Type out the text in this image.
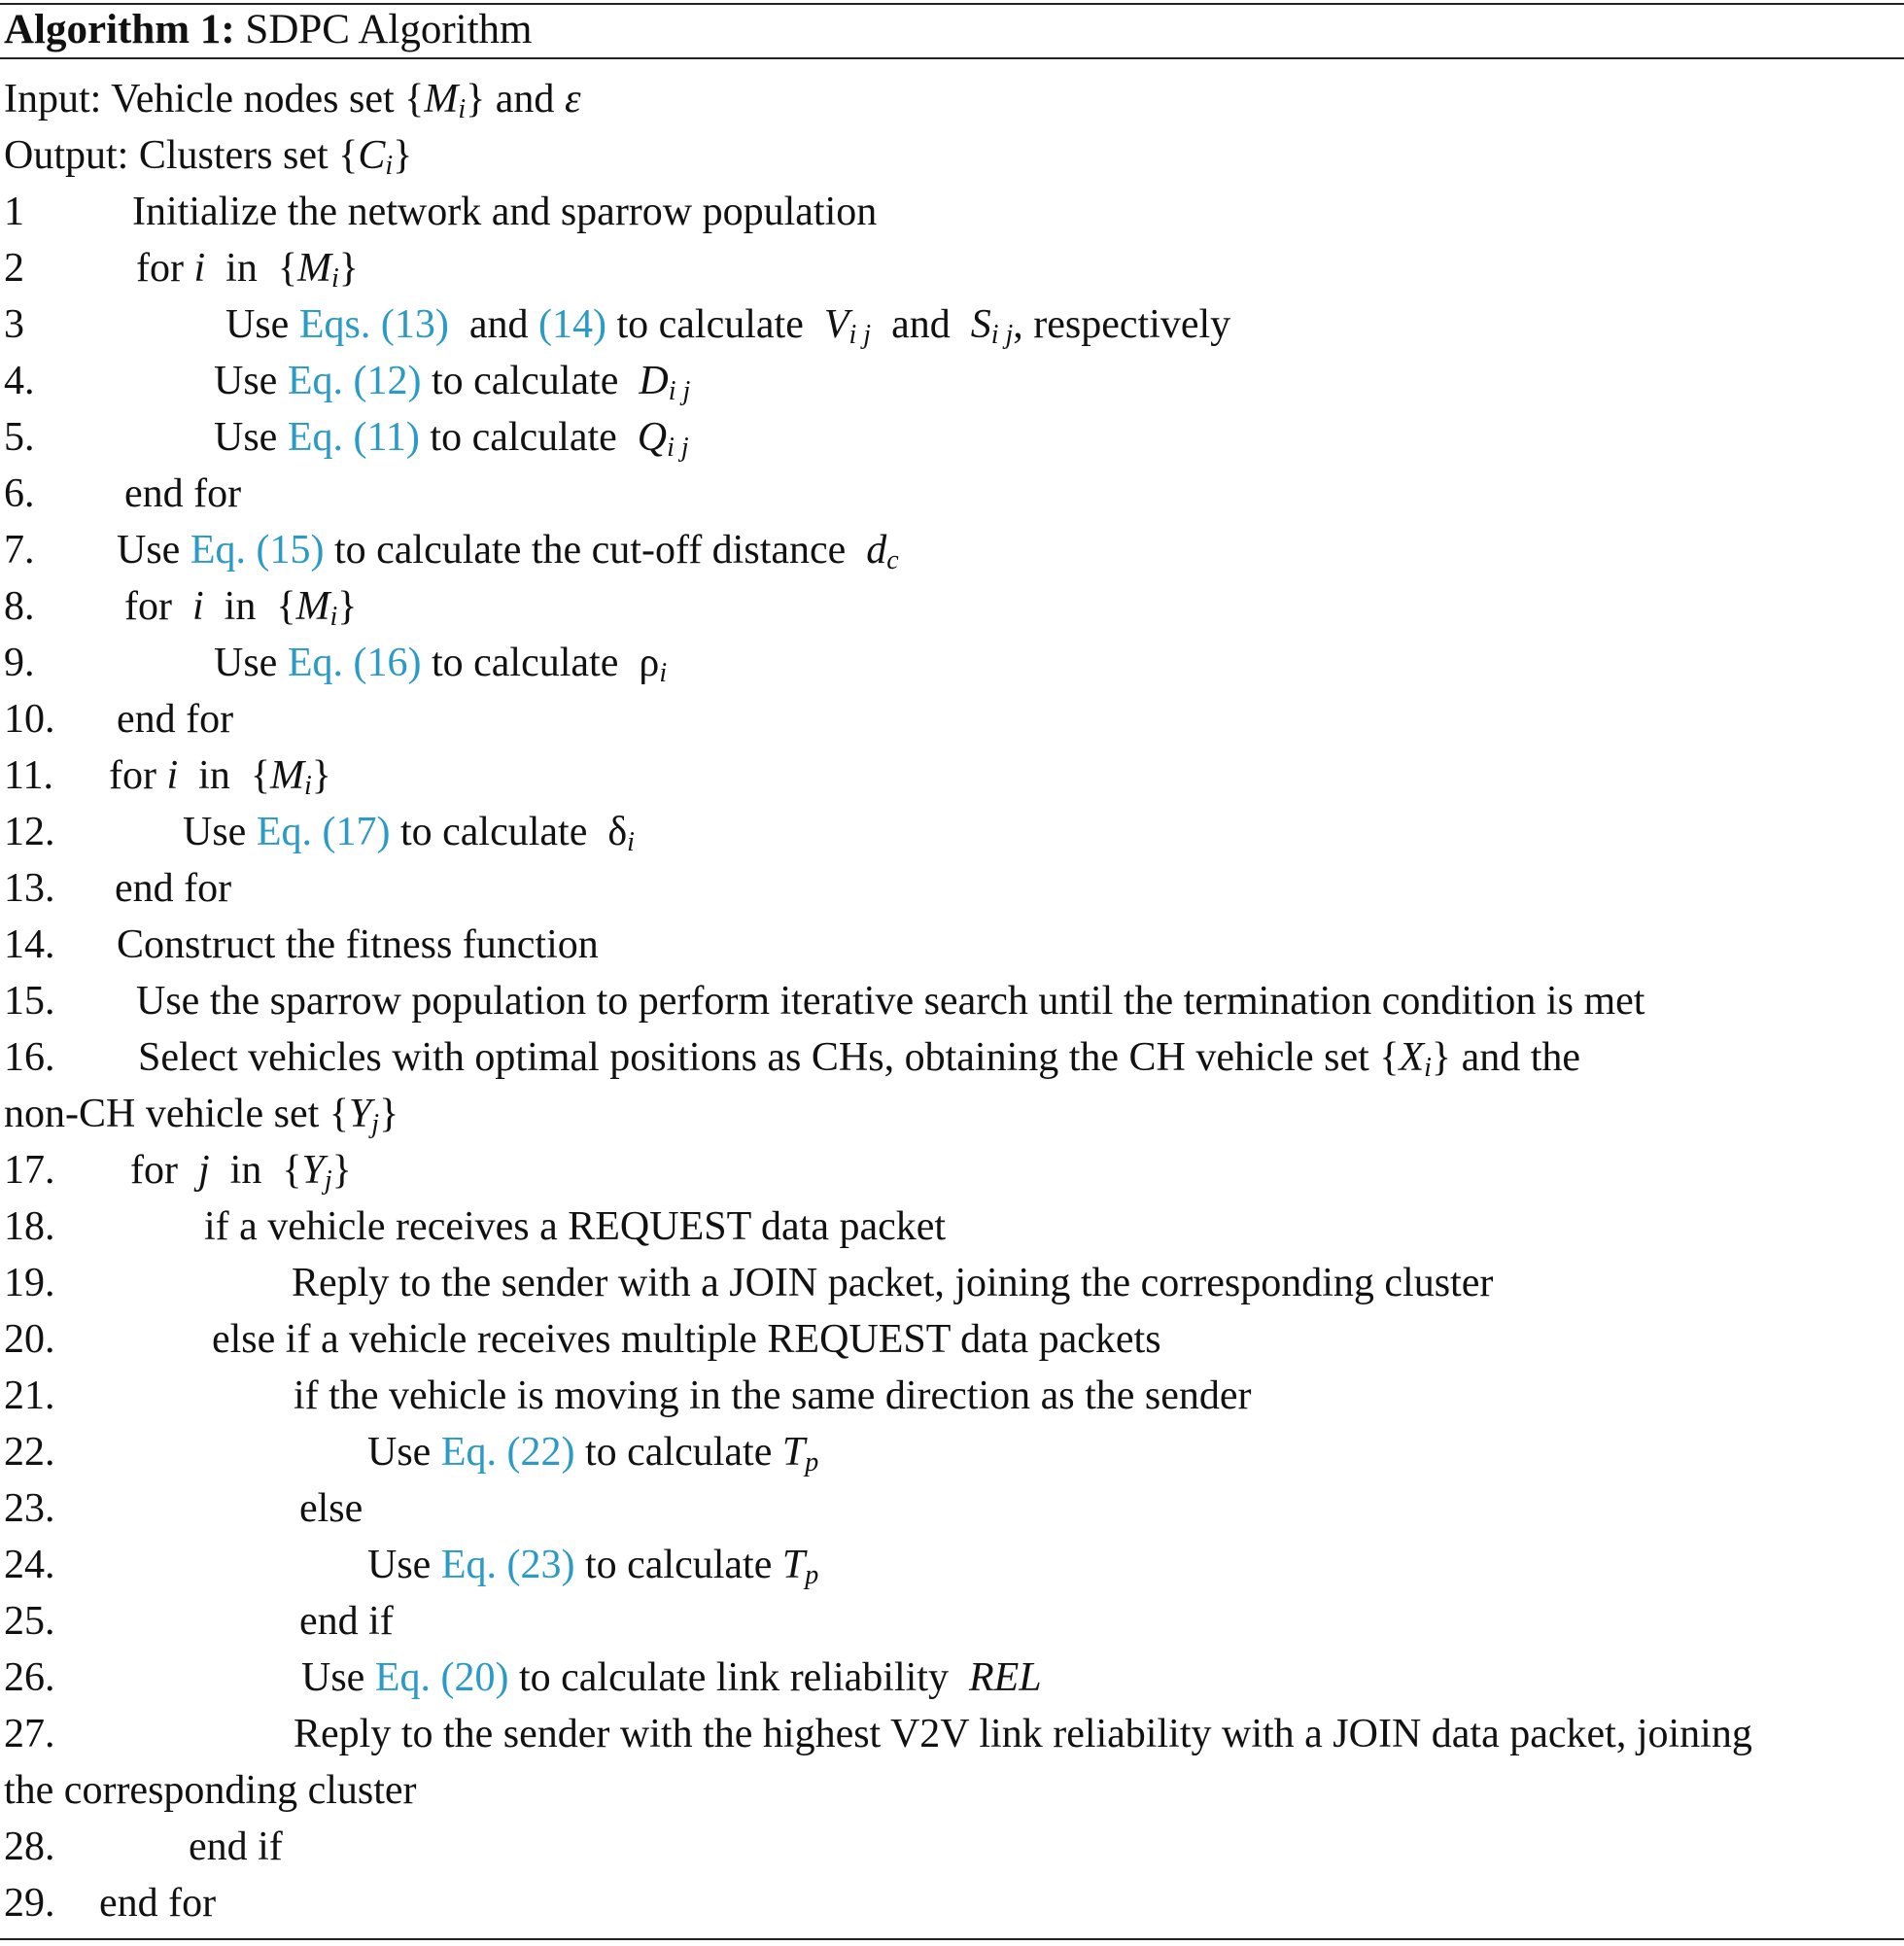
Algorithm 1: SDPC Algorithm
Input: Vehicle nodes set $\{M_i\}$ and ε
Output: Clusters set $\{C_i\}$
1	Initialize the network and sparrow population
2	for i in $\{M_i\}$
3	Use Eqs. (13) and (14) to calculate $V_{i j}$ and $S_{i j}$, respectively
4.	Use Eq. (12) to calculate $D_{i j}$
5.	Use Eq. (11) to calculate $Q_{i j}$
6. end for
7. Use Eq. (15) to calculate the cut-off distance $d_c$
8. for i in $\{M_i\}$
9.	Use Eq. (16) to calculate $\rho_i$
10. end for
11. for i in $\{M_i\}$
12.	Use Eq. (17) to calculate $\delta_i$
13. end for
14. Construct the fitness function
15. Use the sparrow population to perform iterative search until the termination condition is met
16. Select vehicles with optimal positions as CHs, obtaining the CH vehicle set $\{X_i\}$ and the
non-CH vehicle set $\{Y_j\}$
17. for j in $\{Y_j\}$
18.	if a vehicle receives a REQUEST data packet
19.	Reply to the sender with a JOIN packet, joining the corresponding cluster
20.	else if a vehicle receives multiple REQUEST data packets
21.	if the vehicle is moving in the same direction as the sender
22.	Use Eq. (22) to calculate $T_p$
23.	else
24.	Use Eq. (23) to calculate $T_p$
25.	end if
26.	Use Eq. (20) to calculate link reliability REL
27.	Reply to the sender with the highest V2V link reliability with a JOIN data packet, joining
the corresponding cluster
28.	end if
29. end for
